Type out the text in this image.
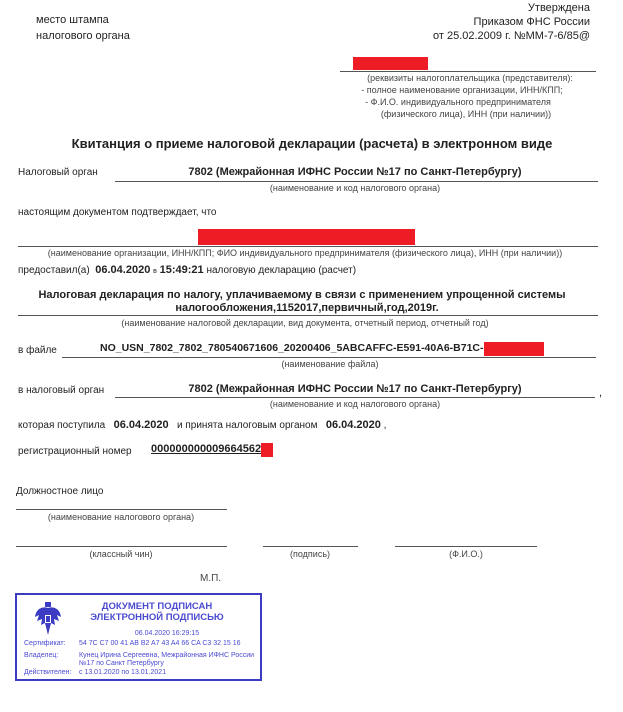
место штампа
налогового органа
Утверждена
Приказом ФНС России
от 25.02.2009 г. №ММ-7-6/85@
(реквизиты налогоплательщика (представителя):
- полное наименование организации, ИНН/КПП;
- Ф.И.О. индивидуального предпринимателя
(физического лица), ИНН (при наличии))
Квитанция о приеме налоговой декларации (расчета) в электронном виде
Налоговый орган	7802 (Межрайонная ИФНС России №17 по Санкт-Петербургу)
(наименование и код налогового органа)
настоящим документом подтверждает, что
(наименование организации, ИНН/КПП; ФИО индивидуального предпринимателя (физического лица), ИНН (при наличии))
предоставил(а) 06.04.2020 в 15:49:21 налоговую декларацию (расчет)
Налоговая декларация по налогу, уплачиваемому в связи с применением упрощенной системы
налогообложения,1152017,первичный,год,2019г.
(наименование налоговой декларации, вид документа, отчетный период, отчетный год)
в файле	NO_USN_7802_7802_780540671606_20200406_5ABCAFFC-E591-40A6-B71C-
(наименование файла)
в налоговый орган	7802 (Межрайонная ИФНС России №17 по Санкт-Петербургу)	,
(наименование и код налогового органа)
которая поступила 06.04.2020 и принята налоговым органом 06.04.2020 ,
регистрационный номер 000000000009664562
Должностное лицо
(наименование налогового органа)
(классный чин)	(подпись)	(Ф.И.О.)
М.П.
ДОКУМЕНТ ПОДПИСАН
ЭЛЕКТРОННОЙ ПОДПИСЬЮ
06.04.2020 16:29:15
Сертификат: 54 7C C7 00 41 AB B2 A7 43 A4 66 CA C3 32 15 16
Владелец:	Кунец Ирина Сергеевна, Межрайонная ИФНС России
№17 по Санкт Петербургу
Действителен: с 13.01.2020 по 13.01.2021
